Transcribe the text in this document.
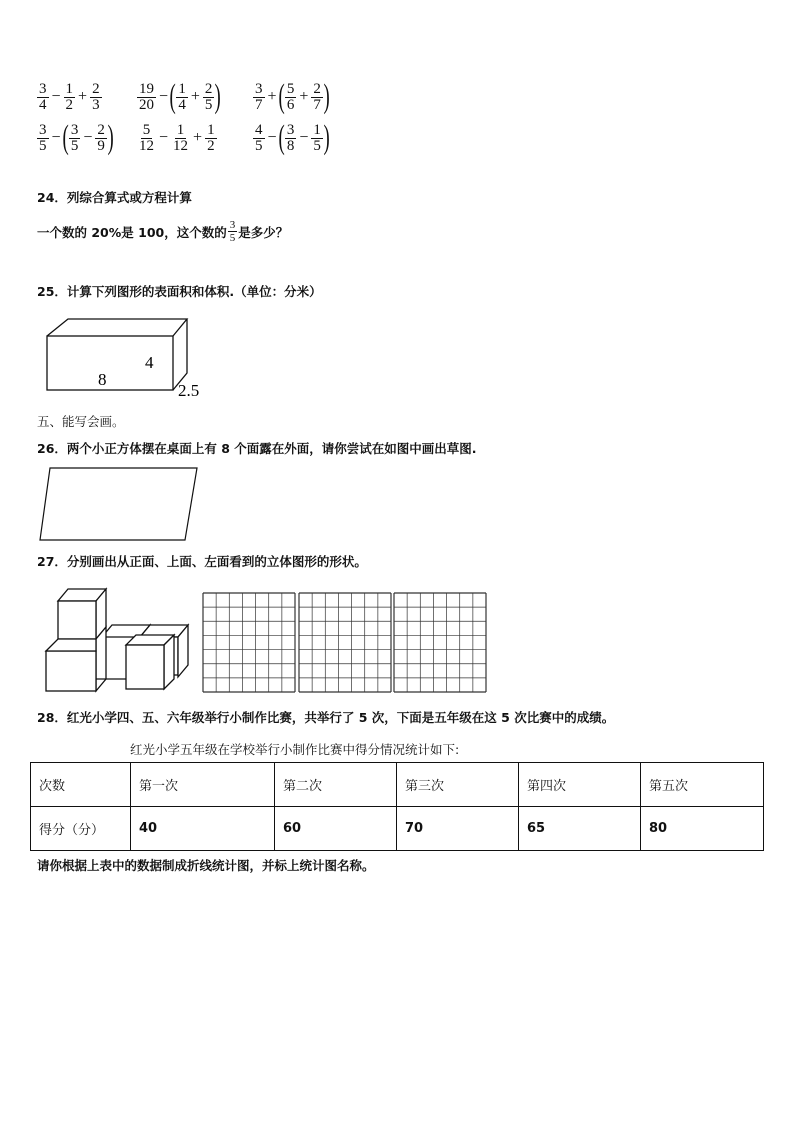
$\frac{3}{4} - \frac{1}{2} + \frac{2}{3} \frac{19}{20}$ − ( $\frac{1}{4} + \frac{2}{5}$ ) $\frac{3}{7}$ + ( $\frac{5}{6} + \frac{2}{7}$ )
$\frac{3}{5}$ − ( $\frac{3}{5} - \frac{2}{9}$ ) $\frac{5}{12} - \frac{1}{12} + \frac{1}{2} \frac{4}{5}$ − ( $\frac{3}{8} - \frac{1}{5}$ )
24．列综合算式或方程计算
一个数的 20%是 100，这个数的 $\frac{3}{5}$ 是多少？
25．计算下列图形的表面积和体积.（单位：分米）
8
4
2.5
五、能写会画。
26．两个小正方体摆在桌面上有 8 个面露在外面，请你尝试在如图中画出草图.
27．分别画出从正面、上面、左面看到的立体图形的形状。
28．红光小学四、五、六年级举行小制作比赛，共举行了 5 次，下面是五年级在这 5 次比赛中的成绩。
红光小学五年级在学校举行小制作比赛中得分情况统计如下:
次数	第一次	第二次	第三次	第四次	第五次
得分（分）	40	60	70	65	80
请你根据上表中的数据制成折线统计图，并标上统计图名称。
